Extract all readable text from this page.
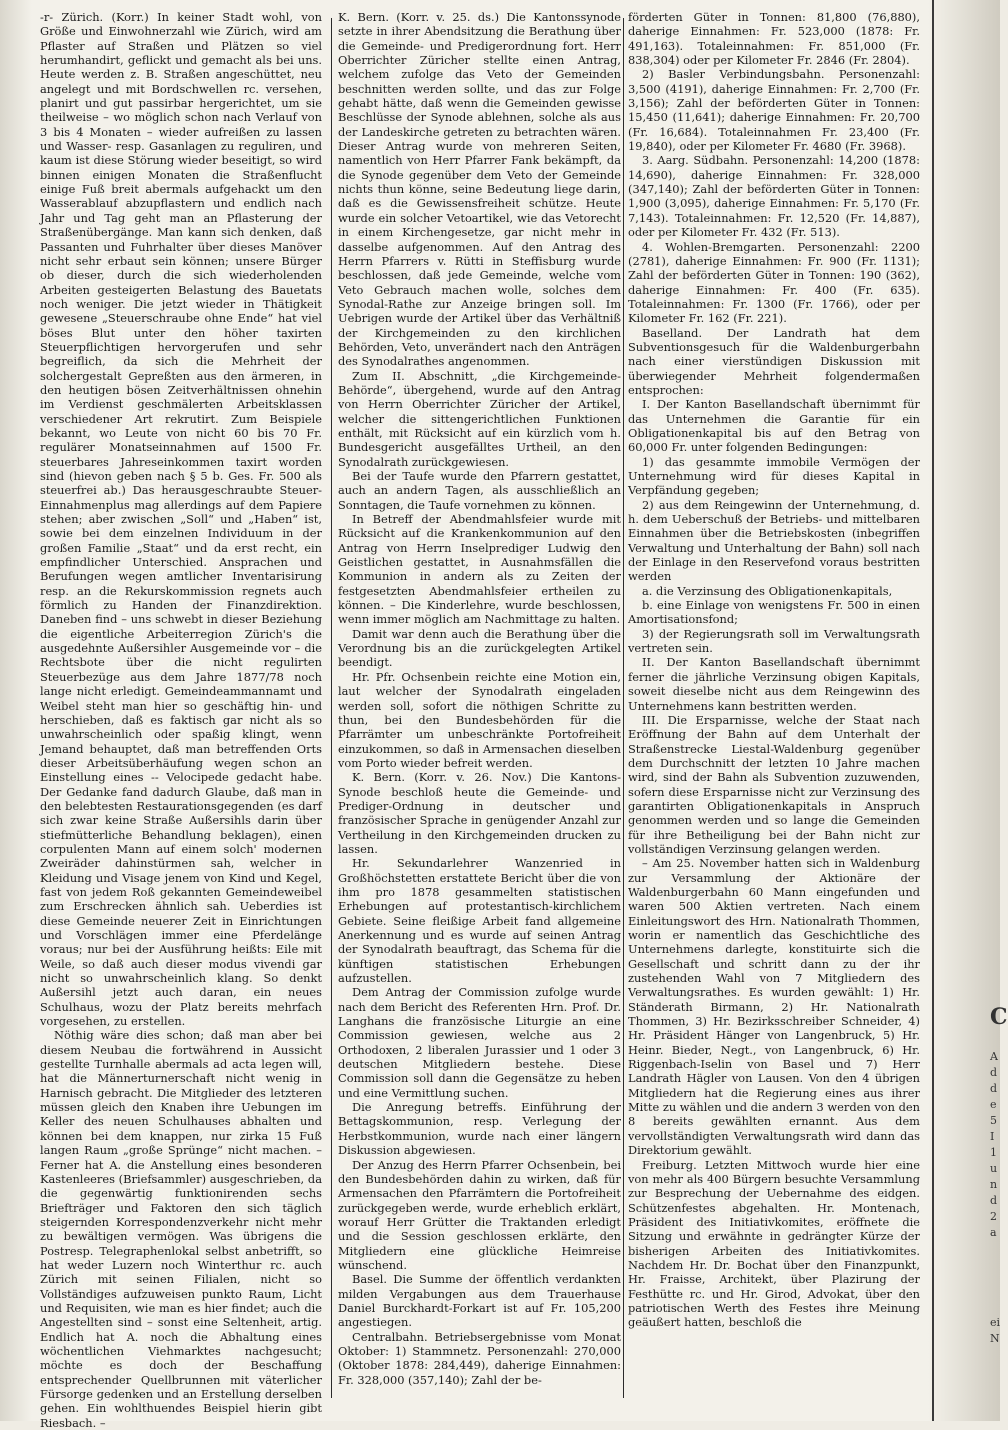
-r- Zürich. (Korr.) In keiner Stadt wohl, von Größe und Einwohnerzahl wie Zürich, wird am Pflaster auf Straßen und Plätzen so viel herumhandirt, geflickt und gemacht als bei uns. Heute werden z. B. Straßen angeschüttet, neu angelegt und mit Bordschwellen rc. versehen, planirt und gut passirbar hergerichtet, um sie theilweise – wo möglich schon nach Verlauf von 3 bis 4 Monaten – wieder aufreißen zu lassen und Wasser- resp. Gasanlagen zu reguliren, und kaum ist diese Störung wieder beseitigt, so wird binnen einigen Monaten die Straßenflucht einige Fuß breit abermals aufgehackt um den Wasserablauf abzupflastern und endlich nach Jahr und Tag geht man an Pflasterung der Straßenübergänge. Man kann sich denken, daß Passanten und Fuhrhalter über dieses Manöver nicht sehr erbaut sein können; unsere Bürger ob dieser, durch die sich wiederholenden Arbeiten gesteigerten Belastung des Bauetats noch weniger. Die jetzt wieder in Thätigkeit gewesene „Steuerschraube ohne Ende“ hat viel böses Blut unter den höher taxirten Steuerpflichtigen hervorgerufen und sehr begreiflich, da sich die Mehrheit der solchergestalt Gepreßten aus den ärmeren, in den heutigen bösen Zeitverhältnissen ohnehin im Verdienst geschmälerten Arbeitsklassen verschiedener Art rekrutirt. Zum Beispiele bekannt, wo Leute von nicht 60 bis 70 Fr. regulärer Monatseinnahmen auf 1500 Fr. steuerbares Jahreseinkommen taxirt worden sind (hievon geben nach § 5 b. Ges. Fr. 500 als steuerfrei ab.) Das herausgeschraubte Steuer-Einnahmenplus mag allerdings auf dem Papiere stehen; aber zwischen „Soll“ und „Haben“ ist, sowie bei dem einzelnen Individuum in der großen Familie „Staat“ und da erst recht, ein empfindlicher Unterschied. Ansprachen und Berufungen wegen amtlicher Inventarisirung resp. an die Rekurskommission regnets auch förmlich zu Handen der Finanzdirektion. Daneben find – uns schwebt in dieser Beziehung die eigentliche Arbeiterregion Zürich's die ausgedehnte Außersihler Ausgemeinde vor – die Rechtsbote über die nicht regulirten Steuerbezüge aus dem Jahre 1877/78 noch lange nicht erledigt. Gemeindeammannamt und Weibel steht man hier so geschäftig hin- und herschieben, daß es faktisch gar nicht als so unwahrscheinlich oder spaßig klingt, wenn Jemand behauptet, daß man betreffenden Orts dieser Arbeitsüberhäufung wegen schon an Einstellung eines -- Velocipede gedacht habe. Der Gedanke fand dadurch Glaube, daß man in den belebtesten Restaurationsgegenden (es darf sich zwar keine Straße Außersihls darin über stiefmütterliche Behandlung beklagen), einen corpulenten Mann auf einem solch' modernen Zweiräder dahinstürmen sah, welcher in Kleidung und Visage jenem von Kind und Kegel, fast von jedem Roß gekannten Gemeindeweibel zum Erschrecken ähnlich sah. Ueberdies ist diese Gemeinde neuerer Zeit in Einrichtungen und Vorschlägen immer eine Pferdelänge voraus; nur bei der Ausführung heißts: Eile mit Weile, so daß auch dieser modus vivendi gar nicht so unwahrscheinlich klang. So denkt Außersihl jetzt auch daran, ein neues Schulhaus, wozu der Platz bereits mehrfach vorgesehen, zu erstellen.

Nöthig wäre dies schon; daß man aber bei diesem Neubau die fortwährend in Aussicht gestellte Turnhalle abermals ad acta legen will, hat die Männerturnerschaft nicht wenig in Harnisch gebracht. Die Mitglieder des letzteren müssen gleich den Knaben ihre Uebungen im Keller des neuen Schulhauses abhalten und können bei dem knappen, nur zirka 15 Fuß langen Raum „große Sprünge“ nicht machen. – Ferner hat A. die Anstellung eines besonderen Kastenleeres (Briefsammler) ausgeschrieben, da die gegenwärtig funktionirenden sechs Briefträger und Faktoren den sich täglich steigernden Korrespondenzverkehr nicht mehr zu bewältigen vermögen. Was übrigens die Postresp. Telegraphenlokal selbst anbetrifft, so hat weder Luzern noch Winterthur rc. auch Zürich mit seinen Filialen, nicht so Vollständiges aufzuweisen punkto Raum, Licht und Requisiten, wie man es hier findet; auch die Angestellten sind – sonst eine Seltenheit, artig. Endlich hat A. noch die Abhaltung eines wöchentlichen Viehmarktes nachgesucht; möchte es doch der Beschaffung entsprechender Quellbrunnen mit väterlicher Fürsorge gedenken und an Erstellung derselben gehen. Ein wohlthuendes Beispiel hierin gibt Riesbach. –

K. Bern. (Korr. v. 25. ds.) Die Kantonssynode setzte in ihrer Abendsitzung die Berathung über die Gemeinde- und Predigerordnung fort. Herr Oberrichter Züricher stellte einen Antrag, welchem zufolge das Veto der Gemeinden beschnitten werden sollte, und das zur Folge gehabt hätte, daß wenn die Gemeinden gewisse Beschlüsse der Synode ablehnen, solche als aus der Landeskirche getreten zu betrachten wären. Dieser Antrag wurde von mehreren Seiten, namentlich von Herr Pfarrer Fank bekämpft, da die Synode gegenüber dem Veto der Gemeinde nichts thun könne, seine Bedeutung liege darin, daß es die Gewissensfreiheit schütze. Heute wurde ein solcher Vetoartikel, wie das Vetorecht in einem Kirchengesetze, gar nicht mehr in dasselbe aufgenommen. Auf den Antrag des Herrn Pfarrers v. Rütti in Steffisburg wurde beschlossen, daß jede Gemeinde, welche vom Veto Gebrauch machen wolle, solches dem Synodal-Rathe zur Anzeige bringen soll. Im Uebrigen wurde der Artikel über das Verhältniß der Kirchgemeinden zu den kirchlichen Behörden, Veto, unverändert nach den Anträgen des Synodalrathes angenommen.

Zum II. Abschnitt, „die Kirchgemeinde-Behörde“, übergehend, wurde auf den Antrag von Herrn Oberrichter Züricher der Artikel, welcher die sittengerichtlichen Funktionen enthält, mit Rücksicht auf ein kürzlich vom h. Bundesgericht ausgefälltes Urtheil, an den Synodalrath zurückgewiesen.

Bei der Taufe wurde den Pfarrern gestattet, auch an andern Tagen, als ausschließlich an Sonntagen, die Taufe vornehmen zu können.

In Betreff der Abendmahlsfeier wurde mit Rücksicht auf die Krankenkommunion auf den Antrag von Herrn Inselprediger Ludwig den Geistlichen gestattet, in Ausnahmsfällen die Kommunion in andern als zu Zeiten der festgesetzten Abendmahlsfeier ertheilen zu können. – Die Kinderlehre, wurde beschlossen, wenn immer möglich am Nachmittage zu halten.

Damit war denn auch die Berathung über die Verordnung bis an die zurückgelegten Artikel beendigt.

Hr. Pfr. Ochsenbein reichte eine Motion ein, laut welcher der Synodalrath eingeladen werden soll, sofort die nöthigen Schritte zu thun, bei den Bundesbehörden für die Pfarrämter um unbeschränkte Portofreiheit einzukommen, so daß in Armensachen dieselben vom Porto wieder befreit werden.

K. Bern. (Korr. v. 26. Nov.) Die Kantons-Synode beschloß heute die Gemeinde- und Prediger-Ordnung in deutscher und französischer Sprache in genügender Anzahl zur Vertheilung in den Kirchgemeinden drucken zu lassen.

Hr. Sekundarlehrer Wanzenried in Großhöchstetten erstattete Bericht über die von ihm pro 1878 gesammelten statistischen Erhebungen auf protestantisch-kirchlichem Gebiete. Seine fleißige Arbeit fand allgemeine Anerkennung und es wurde auf seinen Antrag der Synodalrath beauftragt, das Schema für die künftigen statistischen Erhebungen aufzustellen.

Dem Antrag der Commission zufolge wurde nach dem Bericht des Referenten Hrn. Prof. Dr. Langhans die französische Liturgie an eine Commission gewiesen, welche aus 2 Orthodoxen, 2 liberalen Jurassier und 1 oder 3 deutschen Mitgliedern bestehe. Diese Commission soll dann die Gegensätze zu heben und eine Vermittlung suchen.

Die Anregung betreffs. Einführung der Bettagskommunion, resp. Verlegung der Herbstkommunion, wurde nach einer längern Diskussion abgewiesen.

Der Anzug des Herrn Pfarrer Ochsenbein, bei den Bundesbehörden dahin zu wirken, daß für Armensachen den Pfarrämtern die Portofreiheit zurückgegeben werde, wurde erheblich erklärt, worauf Herr Grütter die Traktanden erledigt und die Session geschlossen erklärte, den Mitgliedern eine glückliche Heimreise wünschend.

Basel. Die Summe der öffentlich verdankten milden Vergabungen aus dem Trauerhause Daniel Burckhardt-Forkart ist auf Fr. 105,200 angestiegen.

Centralbahn. Betriebsergebnisse vom Monat Oktober: 1) Stammnetz. Personenzahl: 270,000 (Oktober 1878: 284,449), daherige Einnahmen: Fr. 328,000 (357,140); Zahl der be-

förderten Güter in Tonnen: 81,800 (76,880), daherige Einnahmen: Fr. 523,000 (1878: Fr. 491,163). Totaleinnahmen: Fr. 851,000 (Fr. 838,304) oder per Kilometer Fr. 2846 (Fr. 2804).

2) Basler Verbindungsbahn. Personenzahl: 3,500 (4191), daherige Einnahmen: Fr. 2,700 (Fr. 3,156); Zahl der beförderten Güter in Tonnen: 15,450 (11,641); daherige Einnahmen: Fr. 20,700 (Fr. 16,684). Totaleinnahmen Fr. 23,400 (Fr. 19,840), oder per Kilometer Fr. 4680 (Fr. 3968).

3. Aarg. Südbahn. Personenzahl: 14,200 (1878: 14,690), daherige Einnahmen: Fr. 328,000 (347,140); Zahl der beförderten Güter in Tonnen: 1,900 (3,095), daherige Einnahmen: Fr. 5,170 (Fr. 7,143). Totaleinnahmen: Fr. 12,520 (Fr. 14,887), oder per Kilometer Fr. 432 (Fr. 513).

4. Wohlen-Bremgarten. Personenzahl: 2200 (2781), daherige Einnahmen: Fr. 900 (Fr. 1131); Zahl der beförderten Güter in Tonnen: 190 (362), daherige Einnahmen: Fr. 400 (Fr. 635). Totaleinnahmen: Fr. 1300 (Fr. 1766), oder per Kilometer Fr. 162 (Fr. 221).

Baselland. Der Landrath hat dem Subventionsgesuch für die Waldenburgerbahn nach einer vierstündigen Diskussion mit überwiegender Mehrheit folgendermaßen entsprochen:

I. Der Kanton Basellandschaft übernimmt für das Unternehmen die Garantie für ein Obligationenkapital bis auf den Betrag von 60,000 Fr. unter folgenden Bedingungen:

1) das gesammte immobile Vermögen der Unternehmung wird für dieses Kapital in Verpfändung gegeben;

2) aus dem Reingewinn der Unternehmung, d. h. dem Ueberschuß der Betriebs- und mittelbaren Einnahmen über die Betriebskosten (inbegriffen Verwaltung und Unterhaltung der Bahn) soll nach der Einlage in den Reservefond voraus bestritten werden

a. die Verzinsung des Obligationenkapitals,

b. eine Einlage von wenigstens Fr. 500 in einen Amortisationsfond;

3) der Regierungsrath soll im Verwaltungsrath vertreten sein.

II. Der Kanton Basellandschaft übernimmt ferner die jährliche Verzinsung obigen Kapitals, soweit dieselbe nicht aus dem Reingewinn des Unternehmens kann bestritten werden.

III. Die Ersparnisse, welche der Staat nach Eröffnung der Bahn auf dem Unterhalt der Straßenstrecke Liestal-Waldenburg gegenüber dem Durchschnitt der letzten 10 Jahre machen wird, sind der Bahn als Subvention zuzuwenden, sofern diese Ersparnisse nicht zur Verzinsung des garantirten Obligationenkapitals in Anspruch genommen werden und so lange die Gemeinden für ihre Betheiligung bei der Bahn nicht zur vollständigen Verzinsung gelangen werden.

– Am 25. November hatten sich in Waldenburg zur Versammlung der Aktionäre der Waldenburgerbahn 60 Mann eingefunden und waren 500 Aktien vertreten. Nach einem Einleitungswort des Hrn. Nationalrath Thommen, worin er namentlich das Geschichtliche des Unternehmens darlegte, konstituirte sich die Gesellschaft und schritt dann zu der ihr zustehenden Wahl von 7 Mitgliedern des Verwaltungsrathes. Es wurden gewählt: 1) Hr. Ständerath Birmann, 2) Hr. Nationalrath Thommen, 3) Hr. Bezirksschreiber Schneider, 4) Hr. Präsident Hänger von Langenbruck, 5) Hr. Heinr. Bieder, Negt., von Langenbruck, 6) Hr. Riggenbach-Iselin von Basel und 7) Herr Landrath Hägler von Lausen. Von den 4 übrigen Mitgliedern hat die Regierung eines aus ihrer Mitte zu wählen und die andern 3 werden von den 8 bereits gewählten ernannt. Aus dem vervollständigten Verwaltungsrath wird dann das Direktorium gewählt.

Freiburg. Letzten Mittwoch wurde hier eine von mehr als 400 Bürgern besuchte Versammlung zur Besprechung der Uebernahme des eidgen. Schützenfestes abgehalten. Hr. Montenach, Präsident des Initiativkomites, eröffnete die Sitzung und erwähnte in gedrängter Kürze der bisherigen Arbeiten des Initiativkomites. Nachdem Hr. Dr. Bochat über den Finanzpunkt, Hr. Fraisse, Architekt, über Plazirung der Festhütte rc. und Hr. Girod, Advokat, über den patriotischen Werth des Festes ihre Meinung geäußert hatten, beschloß die

C
A
d
d
e
5
I
1
u
n
d
2
a
ei
N
